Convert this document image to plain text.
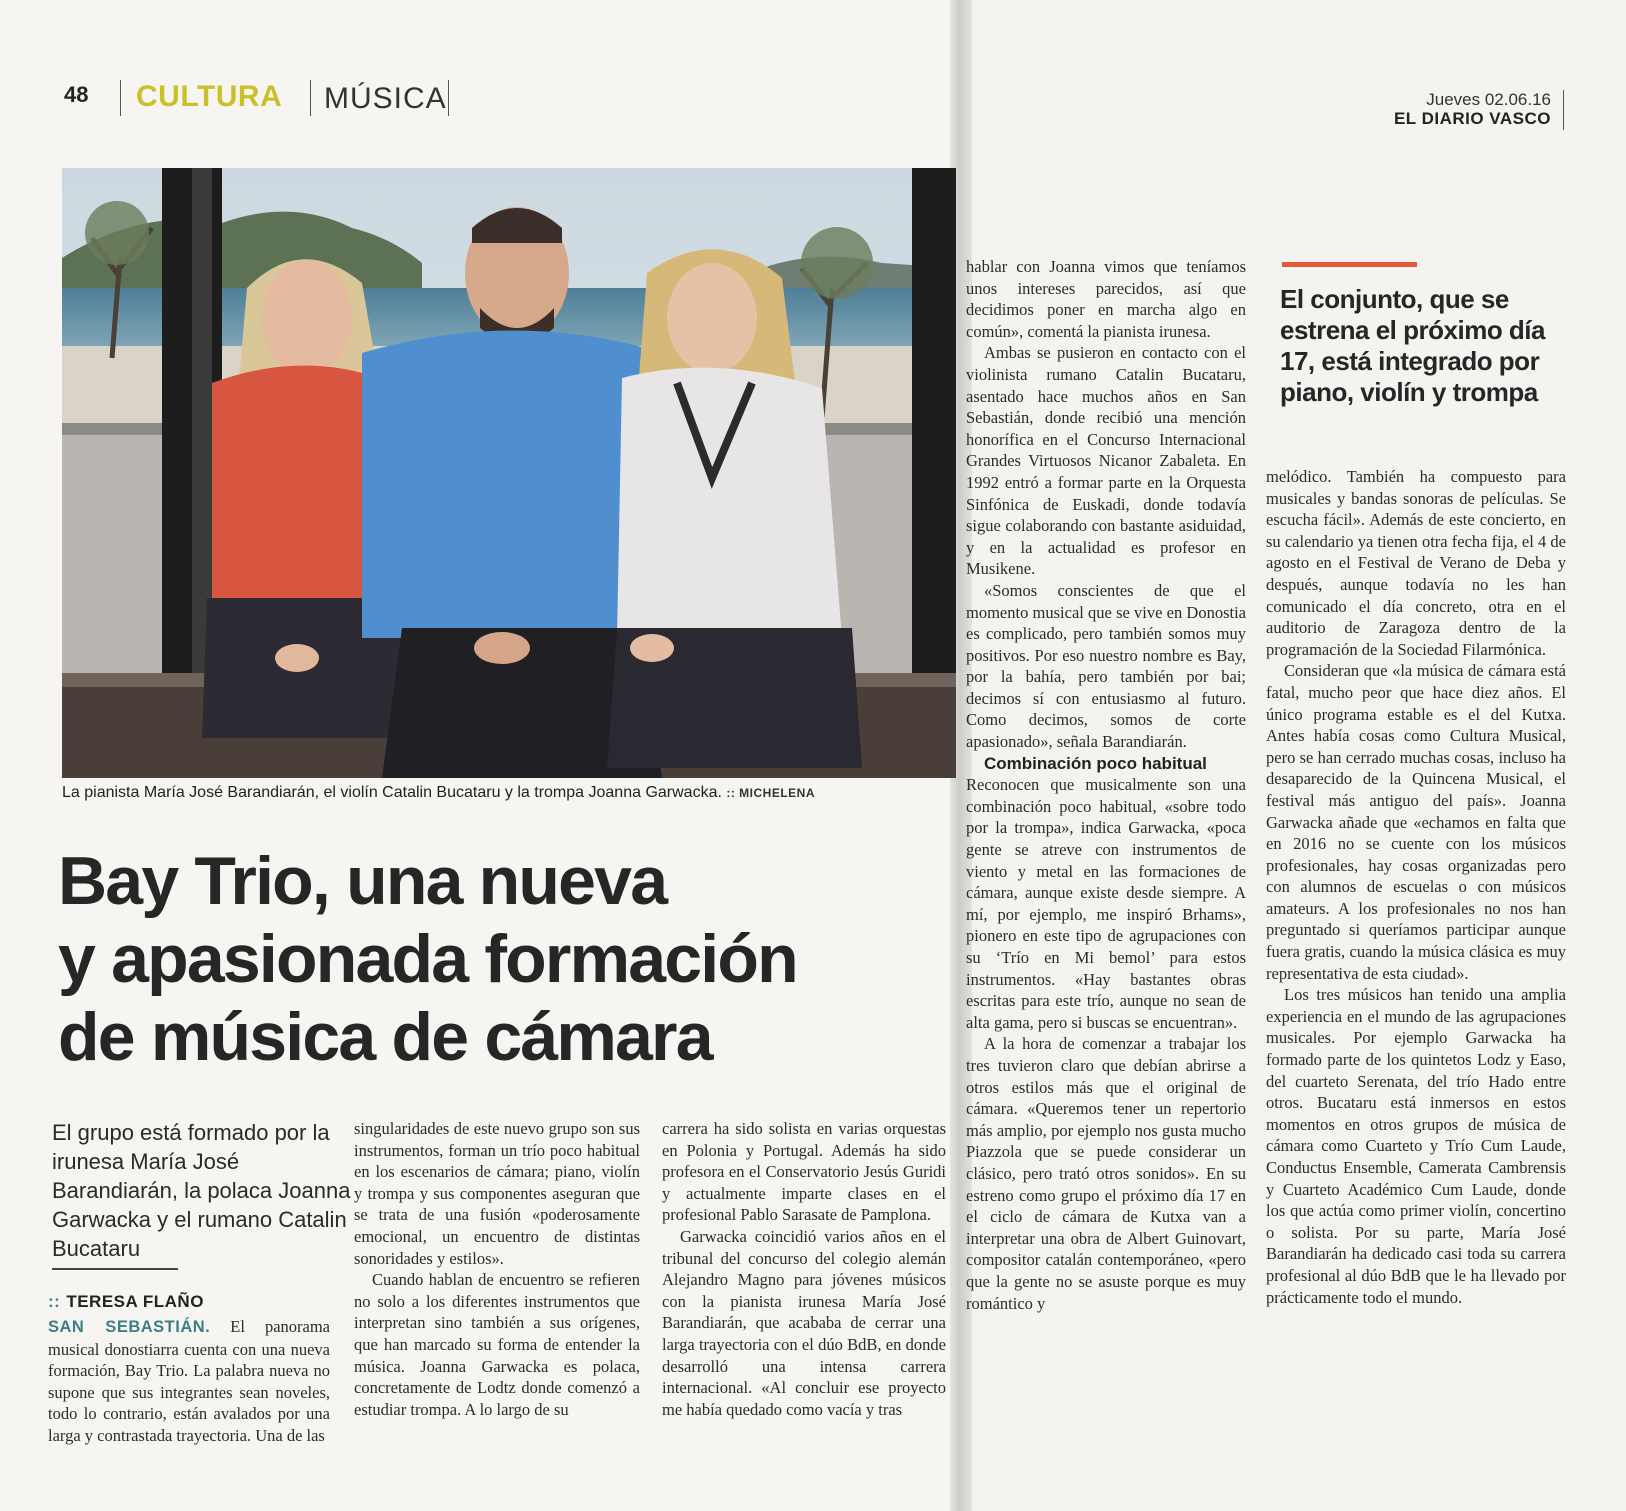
48 CULTURA MÚSICA	Jueves 02.06.16
EL DIARIO VASCO
La pianista María José Barandiarán, el violín Catalin Bucataru y la trompa Joanna Garwacka. :: MICHELENA
Bay Trio, una nueva
y apasionada formación
de música de cámara
El grupo está formado por la irunesa María José Barandiarán, la polaca Joanna Garwacka y el rumano Catalin Bucataru
:: TERESA FLAÑO

SAN SEBASTIÁN. El panorama musical donostiarra cuenta con una nueva formación, Bay Trio. La palabra nueva no supone que sus integrantes sean noveles, todo lo contrario, están avalados por una larga y contrastada trayectoria. Una de las

singularidades de este nuevo grupo son sus instrumentos, forman un trío poco habitual en los escenarios de cámara; piano, violín y trompa y sus componentes aseguran que se trata de una fusión «poderosamente emocional, un encuentro de distintas sonoridades y estilos».

Cuando hablan de encuentro se refieren no solo a los diferentes instrumentos que interpretan sino también a sus orígenes, que han marcado su forma de entender la música. Joanna Garwacka es polaca, concretamente de Lodtz donde comenzó a estudiar trompa. A lo largo de su

carrera ha sido solista en varias orquestas en Polonia y Portugal. Además ha sido profesora en el Conservatorio Jesús Guridi y actualmente imparte clases en el profesional Pablo Sarasate de Pamplona.

Garwacka coincidió varios años en el tribunal del concurso del colegio alemán Alejandro Magno para jóvenes músicos con la pianista irunesa María José Barandiarán, que acababa de cerrar una larga trayectoria con el dúo BdB, en donde desarrolló una intensa carrera internacional. «Al concluir ese proyecto me había quedado como vacía y tras

hablar con Joanna vimos que teníamos unos intereses parecidos, así que decidimos poner en marcha algo en común», comentá la pianista irunesa.

Ambas se pusieron en contacto con el violinista rumano Catalin Bucataru, asentado hace muchos años en San Sebastián, donde recibió una mención honorífica en el Concurso Internacional Grandes Virtuosos Nicanor Zabaleta. En 1992 entró a formar parte en la Orquesta Sinfónica de Euskadi, donde todavía sigue colaborando con bastante asiduidad, y en la actualidad es profesor en Musikene.

«Somos conscientes de que el momento musical que se vive en Donostia es complicado, pero también somos muy positivos. Por eso nuestro nombre es Bay, por la bahía, pero también por bai; decimos sí con entusiasmo al futuro. Como decimos, somos de corte apasionado», señala Barandiarán.

Combinación poco habitual

Reconocen que musicalmente son una combinación poco habitual, «sobre todo por la trompa», indica Garwacka, «poca gente se atreve con instrumentos de viento y metal en las formaciones de cámara, aunque existe desde siempre. A mí, por ejemplo, me inspiró Brhams», pionero en este tipo de agrupaciones con su ‘Trío en Mi bemol’ para estos instrumentos. «Hay bastantes obras escritas para este trío, aunque no sean de alta gama, pero si buscas se encuentran».

A la hora de comenzar a trabajar los tres tuvieron claro que debían abrirse a otros estilos más que el original de cámara. «Queremos tener un repertorio más amplio, por ejemplo nos gusta mucho Piazzola que se puede considerar un clásico, pero trató otros sonidos». En su estreno como grupo el próximo día 17 en el ciclo de cámara de Kutxa van a interpretar una obra de Albert Guinovart, compositor catalán contemporáneo, «pero que la gente no se asuste porque es muy romántico y

El conjunto, que se estrena el próximo día 17, está integrado por piano, violín y trompa

melódico. También ha compuesto para musicales y bandas sonoras de películas. Se escucha fácil». Además de este concierto, en su calendario ya tienen otra fecha fija, el 4 de agosto en el Festival de Verano de Deba y después, aunque todavía no les han comunicado el día concreto, otra en el auditorio de Zaragoza dentro de la programación de la Sociedad Filarmónica.

Consideran que «la música de cámara está fatal, mucho peor que hace diez años. El único programa estable es el del Kutxa. Antes había cosas como Cultura Musical, pero se han cerrado muchas cosas, incluso ha desaparecido de la Quincena Musical, el festival más antiguo del país». Joanna Garwacka añade que «echamos en falta que en 2016 no se cuente con los músicos profesionales, hay cosas organizadas pero con alumnos de escuelas o con músicos amateurs. A los profesionales no nos han preguntado si queríamos participar aunque fuera gratis, cuando la música clásica es muy representativa de esta ciudad».

Los tres músicos han tenido una amplia experiencia en el mundo de las agrupaciones musicales. Por ejemplo Garwacka ha formado parte de los quintetos Lodz y Easo, del cuarteto Serenata, del trío Hado entre otros. Bucataru está inmersos en estos momentos en otros grupos de música de cámara como Cuarteto y Trío Cum Laude, Conductus Ensemble, Camerata Cambrensis y Cuarteto Académico Cum Laude, donde los que actúa como primer violín, concertino o solista. Por su parte, María José Barandiarán ha dedicado casi toda su carrera profesional al dúo BdB que le ha llevado por prácticamente todo el mundo.
